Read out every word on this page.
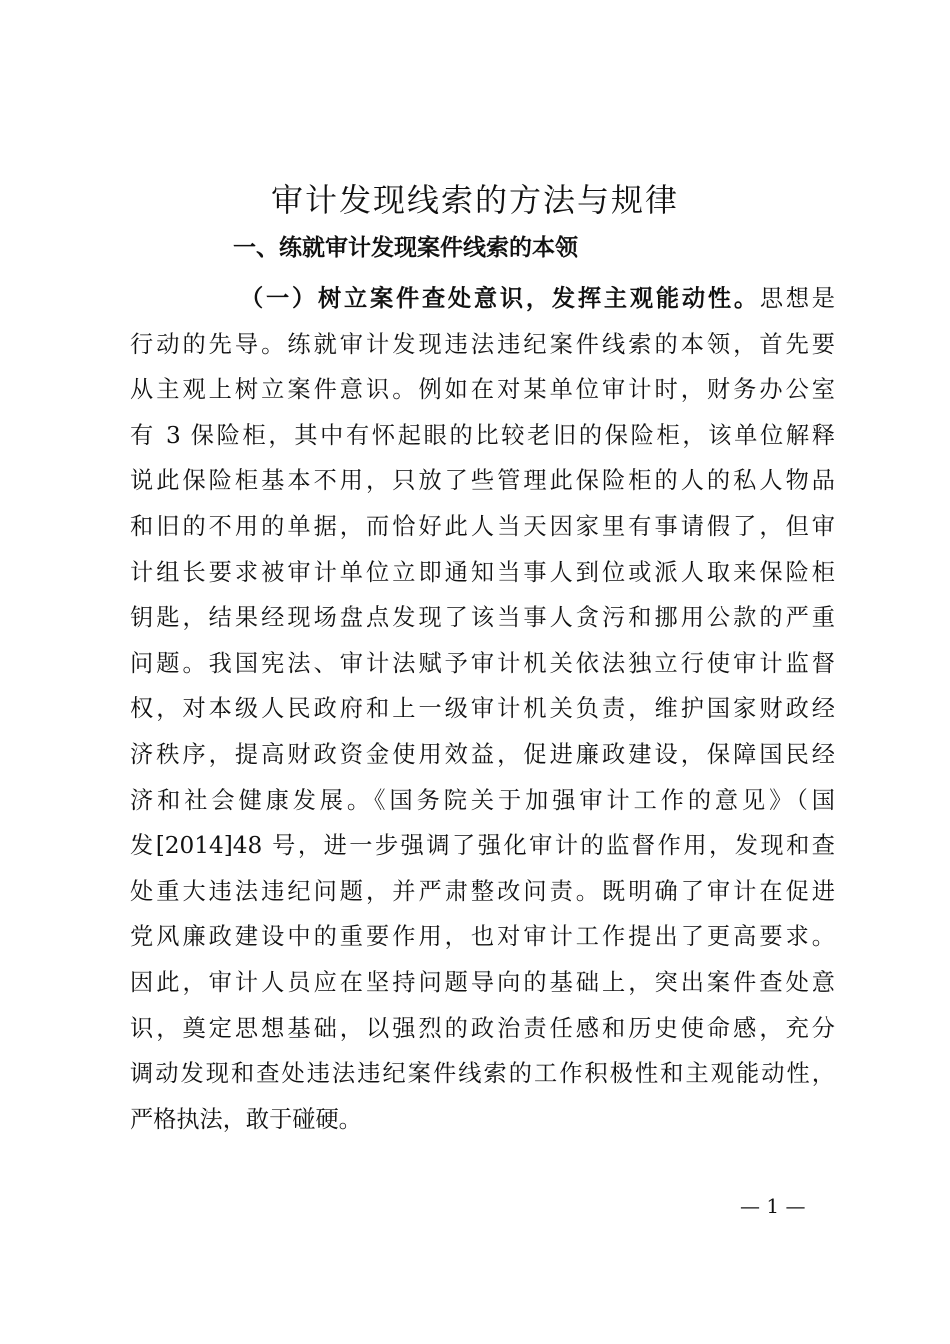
审计发现线索的方法与规律
一、练就审计发现案件线索的本领
（一）树立案件查处意识，发挥主观能动性。思想是
行动的先导。练就审计发现违法违纪案件线索的本领，首先要
从主观上树立案件意识。例如在对某单位审计时，财务办公室
有 3 保险柜，其中有怀起眼的比较老旧的保险柜，该单位解释
说此保险柜基本不用，只放了些管理此保险柜的人的私人物品
和旧的不用的单据，而恰好此人当天因家里有事请假了，但审
计组长要求被审计单位立即通知当事人到位或派人取来保险柜
钥匙，结果经现场盘点发现了该当事人贪污和挪用公款的严重
问题。我国宪法、审计法赋予审计机关依法独立行使审计监督
权，对本级人民政府和上一级审计机关负责，维护国家财政经
济秩序，提高财政资金使用效益，促进廉政建设，保障国民经
济和社会健康发展。《国务院关于加强审计工作的意见》（国
发[2014]48 号，进一步强调了强化审计的监督作用，发现和查
处重大违法违纪问题，并严肃整改问责。既明确了审计在促进
党风廉政建设中的重要作用，也对审计工作提出了更高要求。
因此，审计人员应在坚持问题导向的基础上，突出案件查处意
识，奠定思想基础，以强烈的政治责任感和历史使命感，充分
调动发现和查处违法违纪案件线索的工作积极性和主观能动性，
严格执法，敢于碰硬。
— 1 —
